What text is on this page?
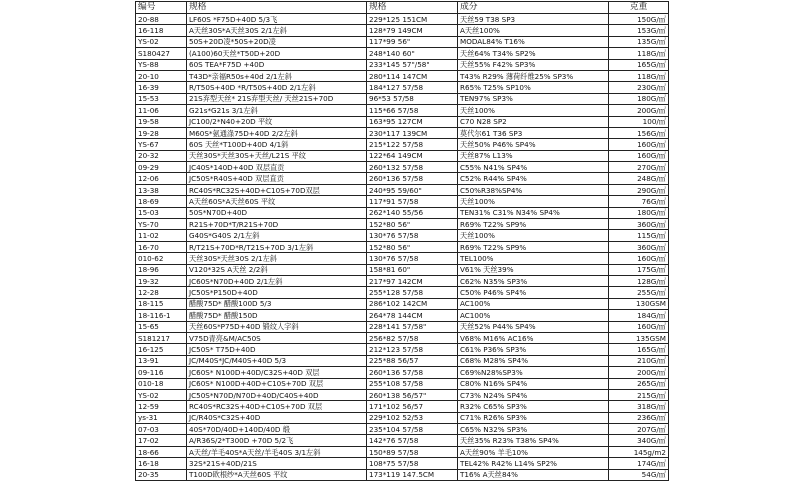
编号	规格	规格	成分	克重
20-88	LF60S *F75D+40D 5/3飞	229*125 151CM	天丝59 T38 SP3	150G/㎡
16-118	A天丝30S*A天丝30S 2/1左斜	128*79 149CM	A天丝100%	153G/㎡
YS-02	50S+20D凌*50S+20D凌	117*99 56"	MODAL84% T16%	135G/㎡
S180427	(A100)60天丝*T50D+20D	248*140 60"	天丝64% T34% SP2%	118G/㎡
YS-88	60S TEA*F75D +40D	233*145 57"/58"	天丝55% F42% SP3%	165G/㎡
20-10	T43D*亲福R50s+40d 2/1左斜	280*114 147CM	T43% R29% 薄荷纤维25% SP3%	118G/㎡
16-39	R/T50S+40D *R/T50S+40D 2/1左斜	184*127 57/58	R65% T25% SP10%	230G/㎡
15-53	21S弃型天丝* 21S弃型天丝/ 天丝21S+70D	96*53 57/58	TEN97% SP3%	180G/㎡
11-06	G21s*G21s 3/1左斜	115*66 57/58	天丝100%	200G/㎡
19-58	JC100/2*N40+20D 平纹	163*95 127CM	C70 N28 SP2	100/㎡
19-28	M60S*氨通涤75D+40D 2/2左斜	230*117 139CM	莫代尔61 T36 SP3	156G/㎡
YS-67	60S 天丝*T100D+40D 4/1斜	215*122 57/58	天丝50% P46% SP4%	160G/㎡
20-32	天丝30S*天丝30S+天丝/L21S 平纹	122*64 149CM	天丝87% L13%	160G/㎡
09-29	JC40S*140D+40D 双层直贡	260*132 57/58	C55% N41% SP4%	270G/㎡
12-06	JC50S*R40S+40D 双层直贡	260*136 57/58	C52% R44% SP4%	248G/㎡
13-38	RC40S*RC32S+40D+C10S+70D双层	240*95 59/60"	C50%R38%SP4%	290G/㎡
18-69	A天丝60S*A天丝60S 平纹	117*91 57/58	天丝100%	76G/㎡
15-03	50S*N70D+40D	262*140 55/56	TEN31% C31% N34% SP4%	180G/㎡
YS-70	R21S+70D*T/R21S+70D	152*80 56"	R69% T22% SP9%	360G/㎡
11-02	G40S*G40S 2/1左斜	130*76 57/58	天丝100%	115G/㎡
16-70	R/T21S+70D*R/T21S+70D 3/1左斜	152*80 56"	R69% T22% SP9%	360G/㎡
010-62	天丝30S*天丝30S 2/1左斜	130*76 57/58	TEL100%	160G/㎡
18-96	V120*32S A天丝 2/2斜	158*81 60"	V61% 天丝39%	175G/㎡
19-32	JC60S*N70D+40D 2/1左斜	217*97 142CM	C62% N35% SP3%	128G/㎡
12-28	JC50S*P150D+40D	255*128 57/58	C50% P46% SP4%	255G/㎡
18-115	醋酸75D* 醋酸100D 5/3	286*102 142CM	AC100%	130GSM
18-116-1	醋酸75D* 醋酸150D	264*78 144CM	AC100%	184G/㎡
15-65	天丝60S*P75D+40D 锻纹人字斜	228*141 57/58"	天丝52% P44% SP4%	160G/㎡
S181217	V75D青亮&M/AC50S	256*82 57/58	V68% M16% AC16%	135GSM
16-125	JC50S* T75D+40D	212*123 57/58	C61% P36% SP3%	165G/㎡
13-91	JC/M40S*JC/M40S+40D 5/3	225*88 56/57	C68% M28% SP4%	210G/㎡
09-116	JC60S* N100D+40D/C32S+40D 双层	260*136 57/58	C69%N28%SP3%	200G/㎡
010-18	JC60S* N100D+40D+C10S+70D 双层	255*108 57/58	C80% N16% SP4%	265G/㎡
YS-02	JC50S*N70D/N70D+40D/C40S+40D	260*138 56/57"	C73% N24% SP4%	215G/㎡
12-59	RC40S*RC32S+40D+C10S+70D 双层	171*102 56/57	R32% C65% SP3%	318G/㎡
ys-31	JC/R40S*C32S+40D	229*102 52/53	C71% R26% SP3%	236G/㎡
07-03	40S*70D/40D+140D/40D 缎	235*104 57/58	C65% N32% SP3%	207G/㎡
17-02	A/R36S/2*T300D +70D 5/2飞	142*76 57/58	天丝35% R23% T38% SP4%	340G/㎡
18-66	A天丝/羊毛40S*A天丝/羊毛40S 3/1左斜	150*89 57/58	A天丝90% 羊毛10%	145g/m2
16-18	32S*21S+40D/21S	108*75 57/58	TEL42% R42% L14% SP2%	174G/㎡
20-35	T100D欧根纱*A天丝60S 平纹	173*119 147.5CM	T16% A天丝84%	54G/㎡
